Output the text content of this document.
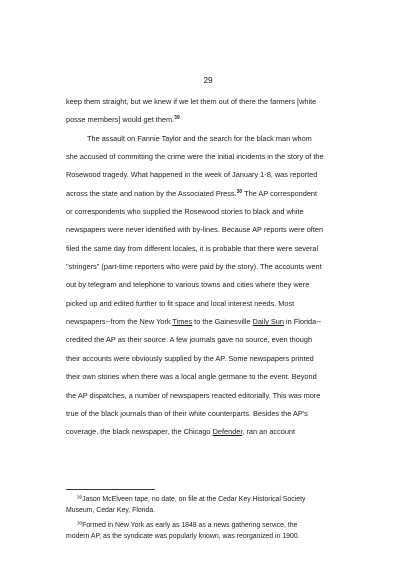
29
keep them straight, but we knew if we let them out of there the farmers [white
posse members] would get them.$^{39}$
The assault on Fannie Taylor and the search for the black man whom
she accused of committing the crime were the initial incidents in the story of the
Rosewood tragedy. What happened in the week of January 1-8, was reported
across the state and nation by the Associated Press.$^{30}$ The AP correspondent
or correspondents who supplied the Rosewood stories to black and white
newspapers were never identified with by-lines. Because AP reports were often
filed the same day from different locales, it is probable that there were several
"stringers" (part-time reporters who were paid by the story). The accounts went
out by telegram and telephone to various towns and cities where they were
picked up and edited further to fit space and local interest needs. Most
newspapers--from the New York Times to the Gainesville Daily Sun in Florida--
credited the AP as their source. A few journals gave no source, even though
their accounts were obviously supplied by the AP. Some newspapers printed
their own stories when there was a local angle germane to the event. Beyond
the AP dispatches, a number of newspapers reacted editorially. This was more
true of the black journals than of their white counterparts. Besides the AP's
coverage, the black newspaper, the Chicago Defender, ran an account
$^{39}$Jason McElveen tape, no date, on file at the Cedar Key Historical Society
Museum, Cedar Key, Florida.
$^{30}$Formed in New York as early as 1848 as a news gathering service, the
modern AP, as the syndicate was popularly known, was reorganized in 1900.
